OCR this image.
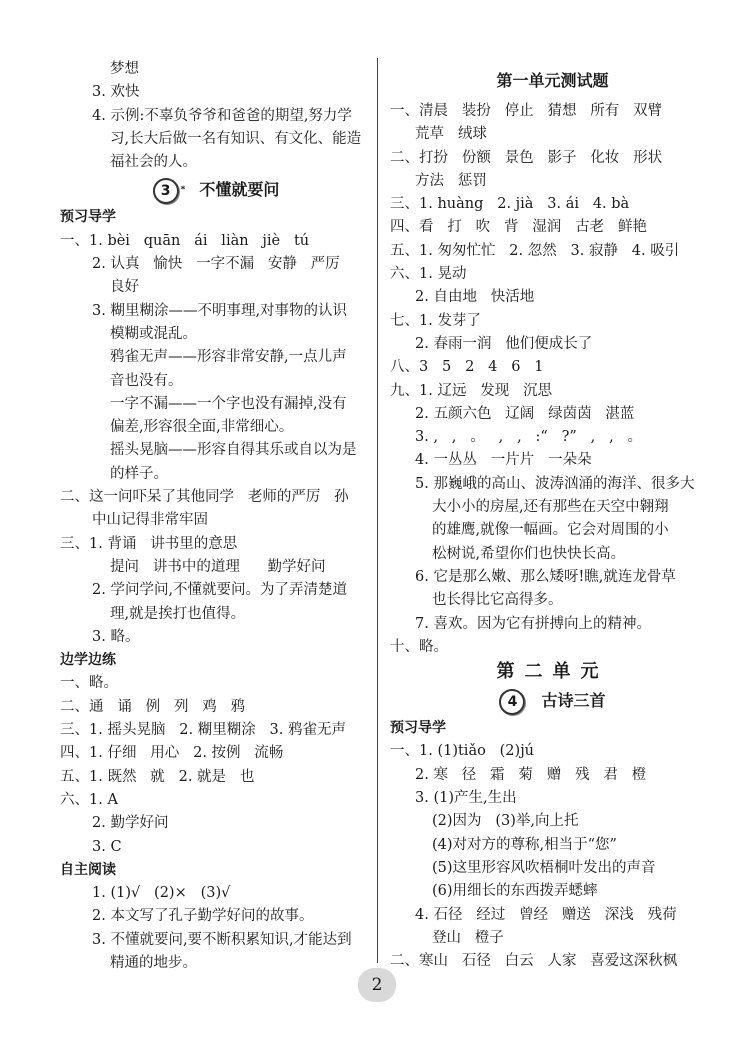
梦想
3. 欢快
4. 示例:不辜负爷爷和爸爸的期望,努力学
习,长大后做一名有知识、有文化、能造
福社会的人。
3 * 不懂就要问
预习导学
一、1. bèi   quān   ái   liàn   jiè   tú
2. 认真   愉快   一字不漏   安静   严厉
良好
3. 糊里糊涂——不明事理,对事物的认识
模糊或混乱。
鸦雀无声——形容非常安静,一点儿声
音也没有。
一字不漏——一个字也没有漏掉,没有
偏差,形容很全面,非常细心。
摇头晃脑——形容自得其乐或自以为是
的样子。
二、这一问吓呆了其他同学   老师的严厉   孙
中山记得非常牢固
三、1. 背诵   讲书里的意思
提问   讲书中的道理      勤学好问
2. 学问学问,不懂就要问。为了弄清楚道
理,就是挨打也值得。
3. 略。
边学边练
一、略。
二、通   诵   例   列   鸡   鸦
三、1. 摇头晃脑   2. 糊里糊涂   3. 鸦雀无声
四、1. 仔细   用心   2. 按例   流畅
五、1. 既然   就   2. 就是   也
六、1. A
2. 勤学好问
3. C
自主阅读
1. (1)√   (2)×   (3)√
2. 本文写了孔子勤学好问的故事。
3. 不懂就要问,要不断积累知识,才能达到
精通的地步。
第一单元测试题
一、清晨   装扮   停止   猜想   所有   双臂
荒草   绒球
二、打扮   份额   景色   影子   化妆   形状
方法   惩罚
三、1. huàng   2. jià   3. ái   4. bà
四、看   打   吹   背   湿润   古老   鲜艳
五、1. 匆匆忙忙   2. 忽然   3. 寂静   4. 吸引
六、1. 晃动
2. 自由地   快活地
七、1. 发芽了
2. 春雨一润   他们便成长了
八、3   5   2   4   6   1
九、1. 辽远   发现   沉思
2. 五颜六色   辽阔   绿茵茵   湛蓝
3. ,   ,   。   ,   ,   :“   ?”   ,   ,   。
4. 一丛丛   一片片   一朵朵
5. 那巍峨的高山、波涛汹涌的海洋、很多大
大小小的房屋,还有那些在天空中翱翔
的雄鹰,就像一幅画。它会对周围的小
松树说,希望你们也快快长高。
6. 它是那么嫩、那么矮呀!瞧,就连龙骨草
也长得比它高得多。
7. 喜欢。因为它有拼搏向上的精神。
十、略。
第二单元
4 古诗三首
预习导学
一、1. (1)tiǎo   (2)jú
2. 寒   径   霜   菊   赠   残   君   橙
3. (1)产生,生出
(2)因为   (3)举,向上托
(4)对对方的尊称,相当于“您”
(5)这里形容风吹梧桐叶发出的声音
(6)用细长的东西拨弄蟋蟀
4. 石径   经过   曾经   赠送   深浅   残荷
登山   橙子
二、寒山   石径   白云   人家   喜爱这深秋枫
2
